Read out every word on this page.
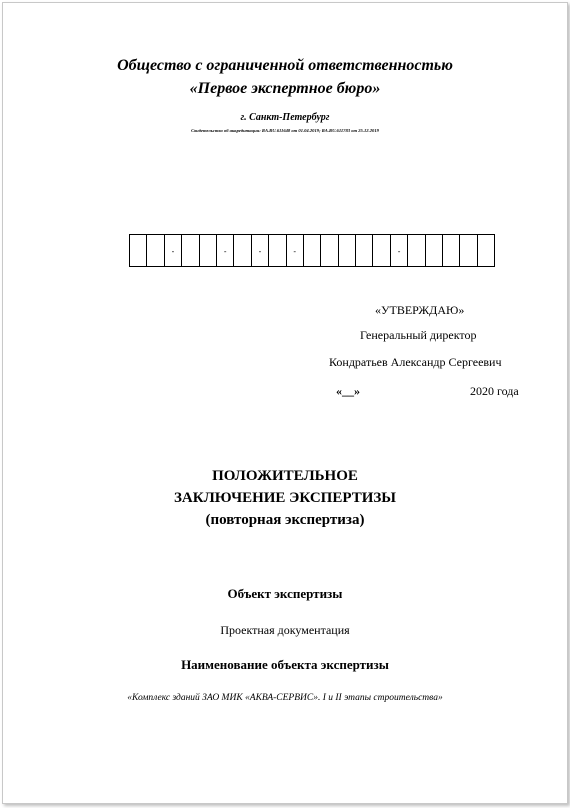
Общество с ограниченной ответственностью
«Первое экспертное бюро»
г. Санкт-Петербург
Свидетельство об аккредитации: RA.RU.611648 от 01.04.2019; RA.RU.611783 от 25.12.2019
-	-	-	-	-
«УТВЕРЖДАЮ»
Генеральный директор
Кондратьев Александр Сергеевич
«__»	2020 года
ПОЛОЖИТЕЛЬНОЕ
ЗАКЛЮЧЕНИЕ ЭКСПЕРТИЗЫ
(повторная экспертиза)
Объект экспертизы
Проектная документация
Наименование объекта экспертизы
«Комплекс зданий ЗАО МИК «АКВА-СЕРВИС». I и II этапы строительства»
